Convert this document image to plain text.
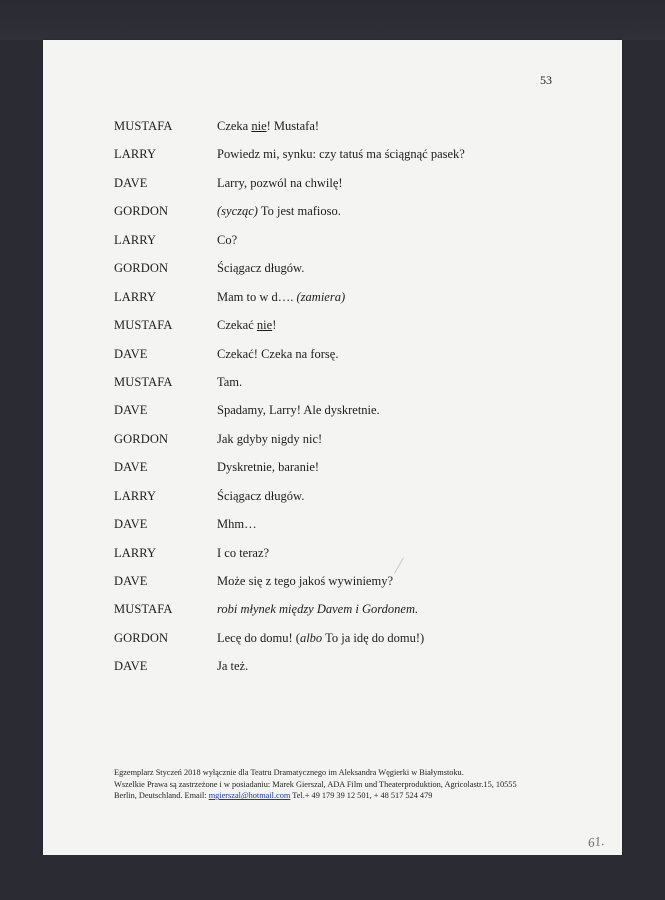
53
MUSTAFA	Czeka nie! Mustafa!
LARRY	Powiedz mi, synku: czy tatuś ma ściągnąć pasek?
DAVE	Larry, pozwól na chwilę!
GORDON	(sycząc) To jest mafioso.
LARRY	Co?
GORDON	Ściągacz długów.
LARRY	Mam to w d…. (zamiera)
MUSTAFA	Czekać nie!
DAVE	Czekać! Czeka na forsę.
MUSTAFA	Tam.
DAVE	Spadamy, Larry! Ale dyskretnie.
GORDON	Jak gdyby nigdy nic!
DAVE	Dyskretnie, baranie!
LARRY	Ściągacz długów.
DAVE	Mhm…
LARRY	I co teraz?
DAVE	Może się z tego jakoś wywiniemy?
MUSTAFA	robi młynek między Davem i Gordonem.
GORDON	Lecę do domu! (albo To ja idę do domu!)
DAVE	Ja też.
Egzemplarz Styczeń 2018 wyłącznie dla Teatru Dramatycznego im Aleksandra Węgierki w Białymstoku.
Wszelkie Prawa są zastrzeżone i w posiadaniu: Marek Gierszal, ADA Film und Theaterproduktion, Agricolastr.15, 10555
Berlin, Deutschland. Email: mgierszal@hotmail.com Tel.+ 49 179 39 12 501, + 48 517 524 479
61.
